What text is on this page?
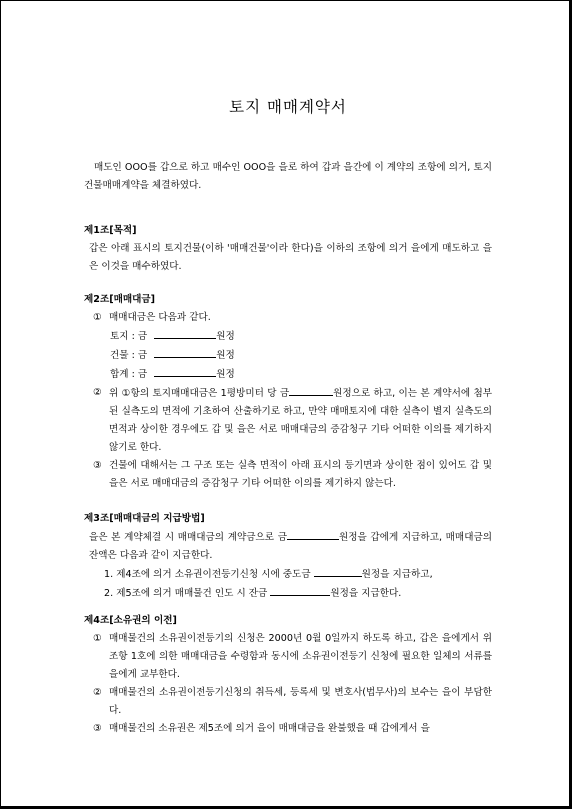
토지 매매계약서
매도인 OOO를 갑으로 하고 매수인 OOO을 을로 하여 갑과 을간에 이 계약의 조항에 의거, 토지건물매매계약을 체결하였다.
제1조[목적]
갑은 아래 표시의 토지건물(이하 '매매건물'이라 한다)을 이하의 조항에 의거 을에게 매도하고 을은 이것을 매수하였다.
제2조[매매대금]
① 매매대금은 다음과 같다.
토지 : 금	원정
건물 : 금	원정
합계 : 금	원정
② 위 ①항의 토지매매대금은 1평방미터 당 금	원정으로 하고, 이는 본 계약서에 첨부된 실측도의 면적에 기초하여 산출하기로 하고, 만약 매매토지에 대한 실측이 별지 실측도의 면적과 상이한 경우에도 갑 및 을은 서로 매매대금의 증감청구 기타 어떠한 이의를 제기하지 않기로 한다.
③ 건물에 대해서는 그 구조 또는 실측 면적이 아래 표시의 등기면과 상이한 점이 있어도 갑 및 을은 서로 매매대금의 증감청구 기타 어떠한 이의를 제기하지 않는다.
제3조[매매대금의 지급방법]
을은 본 계약체결 시 매매대금의 계약금으로 금	원정을 갑에게 지급하고, 매매대금의 잔액은 다음과 같이 지급한다.
1. 제4조에 의거 소유권이전등기신청 시에 중도금	원정을 지급하고,
2. 제5조에 의거 매매물건 인도 시 잔금	원정을 지급한다.
제4조[소유권의 이전]
① 매매물건의 소유권이전등기의 신청은 2000년 0월 0일까지 하도록 하고, 갑은 을에게서 위 조항 1호에 의한 매매대금을 수령함과 동시에 소유권이전등기 신청에 필요한 일체의 서류를 을에게 교부한다.
② 매매물건의 소유권이전등기신청의 취득세, 등록세 및 변호사(법무사)의 보수는 을이 부담한다.
③ 매매물건의 소유권은 제5조에 의거 을이 매매대금을 완불했을 때 갑에게서 을
